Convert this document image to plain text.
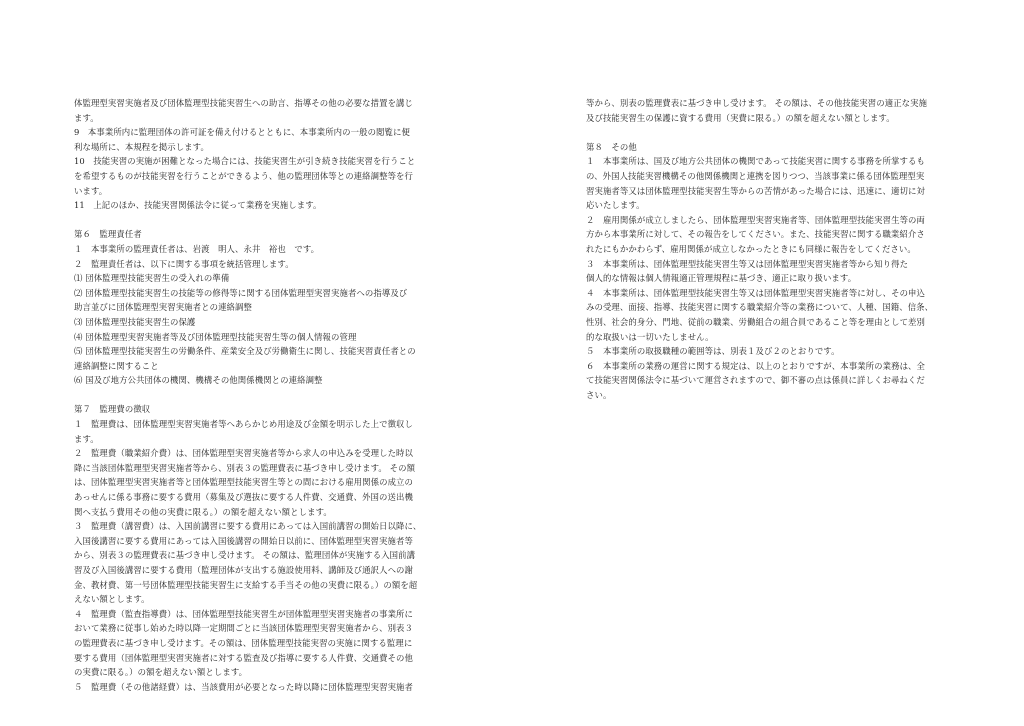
体監理型実習実施者及び団体監理型技能実習生への助言、指導その他の必要な措置を講じ
ます。
9　本事業所内に監理団体の許可証を備え付けるとともに、本事業所内の一般の閲覧に便
利な場所に、本規程を掲示します。
10　技能実習の実施が困難となった場合には、技能実習生が引き続き技能実習を行うこと
を希望するものが技能実習を行うことができるよう、他の監理団体等との連絡調整等を行
います。
11　上記のほか、技能実習関係法令に従って業務を実施します。
第６　監理責任者
１　本事業所の監理責任者は、岩渡　明人、永井　裕也　です。
２　監理責任者は、以下に関する事項を統括管理します。
⑴ 団体監理型技能実習生の受入れの準備
⑵ 団体監理型技能実習生の技能等の修得等に関する団体監理型実習実施者への指導及び
助言並びに団体監理型実習実施者との連絡調整
⑶ 団体監理型技能実習生の保護
⑷ 団体監理型実習実施者等及び団体監理型技能実習生等の個人情報の管理
⑸ 団体監理型技能実習生の労働条件、産業安全及び労働衛生に関し、技能実習責任者との
連絡調整に関すること
⑹ 国及び地方公共団体の機関、機構その他関係機関との連絡調整
第７　監理費の徴収
１　監理費は、団体監理型実習実施者等へあらかじめ用途及び金額を明示した上で徴収し
ます。
２　監理費（職業紹介費）は、団体監理型実習実施者等から求人の申込みを受理した時以
降に当該団体監理型実習実施者等から、別表３の監理費表に基づき申し受けます。 その額
は、団体監理型実習実施者等と団体監理型技能実習生等との間における雇用関係の成立の
あっせんに係る事務に要する費用（募集及び選抜に要する人件費、交通費、外国の送出機
関へ支払う費用その他の実費に限る。）の額を超えない額とします。
３　監理費（講習費）は、入国前講習に要する費用にあっては入国前講習の開始日以降に、
入国後講習に要する費用にあっては入国後講習の開始日以前に、団体監理型実習実施者等
から、別表３の監理費表に基づき申し受けます。 その額は、監理団体が実施する入国前講
習及び入国後講習に要する費用（監理団体が支出する施設使用料、講師及び通訳人への謝
金、教材費、第一号団体監理型技能実習生に支給する手当その他の実費に限る。）の額を超
えない額とします。
４　監理費（監査指導費）は、団体監理型技能実習生が団体監理型実習実施者の事業所に
おいて業務に従事し始めた時以降一定期間ごとに当該団体監理型実習実施者から、別表３
の監理費表に基づき申し受けます。その額は、団体監理型技能実習の実施に関する監理に
要する費用（団体監理型実習実施者に対する監査及び指導に要する人件費、交通費その他
の実費に限る。）の額を超えない額とします。
５　監理費（その他諸経費）は、当該費用が必要となった時以降に団体監理型実習実施者
等から、別表の監理費表に基づき申し受けます。 その額は、その他技能実習の適正な実施
及び技能実習生の保護に資する費用（実費に限る。）の額を超えない額とします。
第８　その他
１　本事業所は、国及び地方公共団体の機関であって技能実習に関する事務を所掌するも
の、外国人技能実習機構その他関係機関と連携を図りつつ、当該事業に係る団体監理型実
習実施者等又は団体監理型技能実習生等からの苦情があった場合には、迅速に、適切に対
応いたします。
２　雇用関係が成立しましたら、団体監理型実習実施者等、団体監理型技能実習生等の両
方から本事業所に対して、その報告をしてください。また、技能実習に関する職業紹介さ
れたにもかかわらず、雇用関係が成立しなかったときにも同様に報告をしてください。
３　本事業所は、団体監理型技能実習生等又は団体監理型実習実施者等から知り得た
個人的な情報は個人情報適正管理規程に基づき、適正に取り扱います。
４　本事業所は、団体監理型技能実習生等又は団体監理型実習実施者等に対し、その申込
みの受理、面接、指導、技能実習に関する職業紹介等の業務について、人種、国籍、信条、
性別、社会的身分、門地、従前の職業、労働組合の組合員であること等を理由として差別
的な取扱いは一切いたしません。
５　本事業所の取扱職種の範囲等は、別表１及び２のとおりです。
６　本事業所の業務の運営に関する規定は、以上のとおりですが、本事業所の業務は、全
て技能実習関係法令に基づいて運営されますので、御不審の点は係員に詳しくお尋ねくだ
さい。
